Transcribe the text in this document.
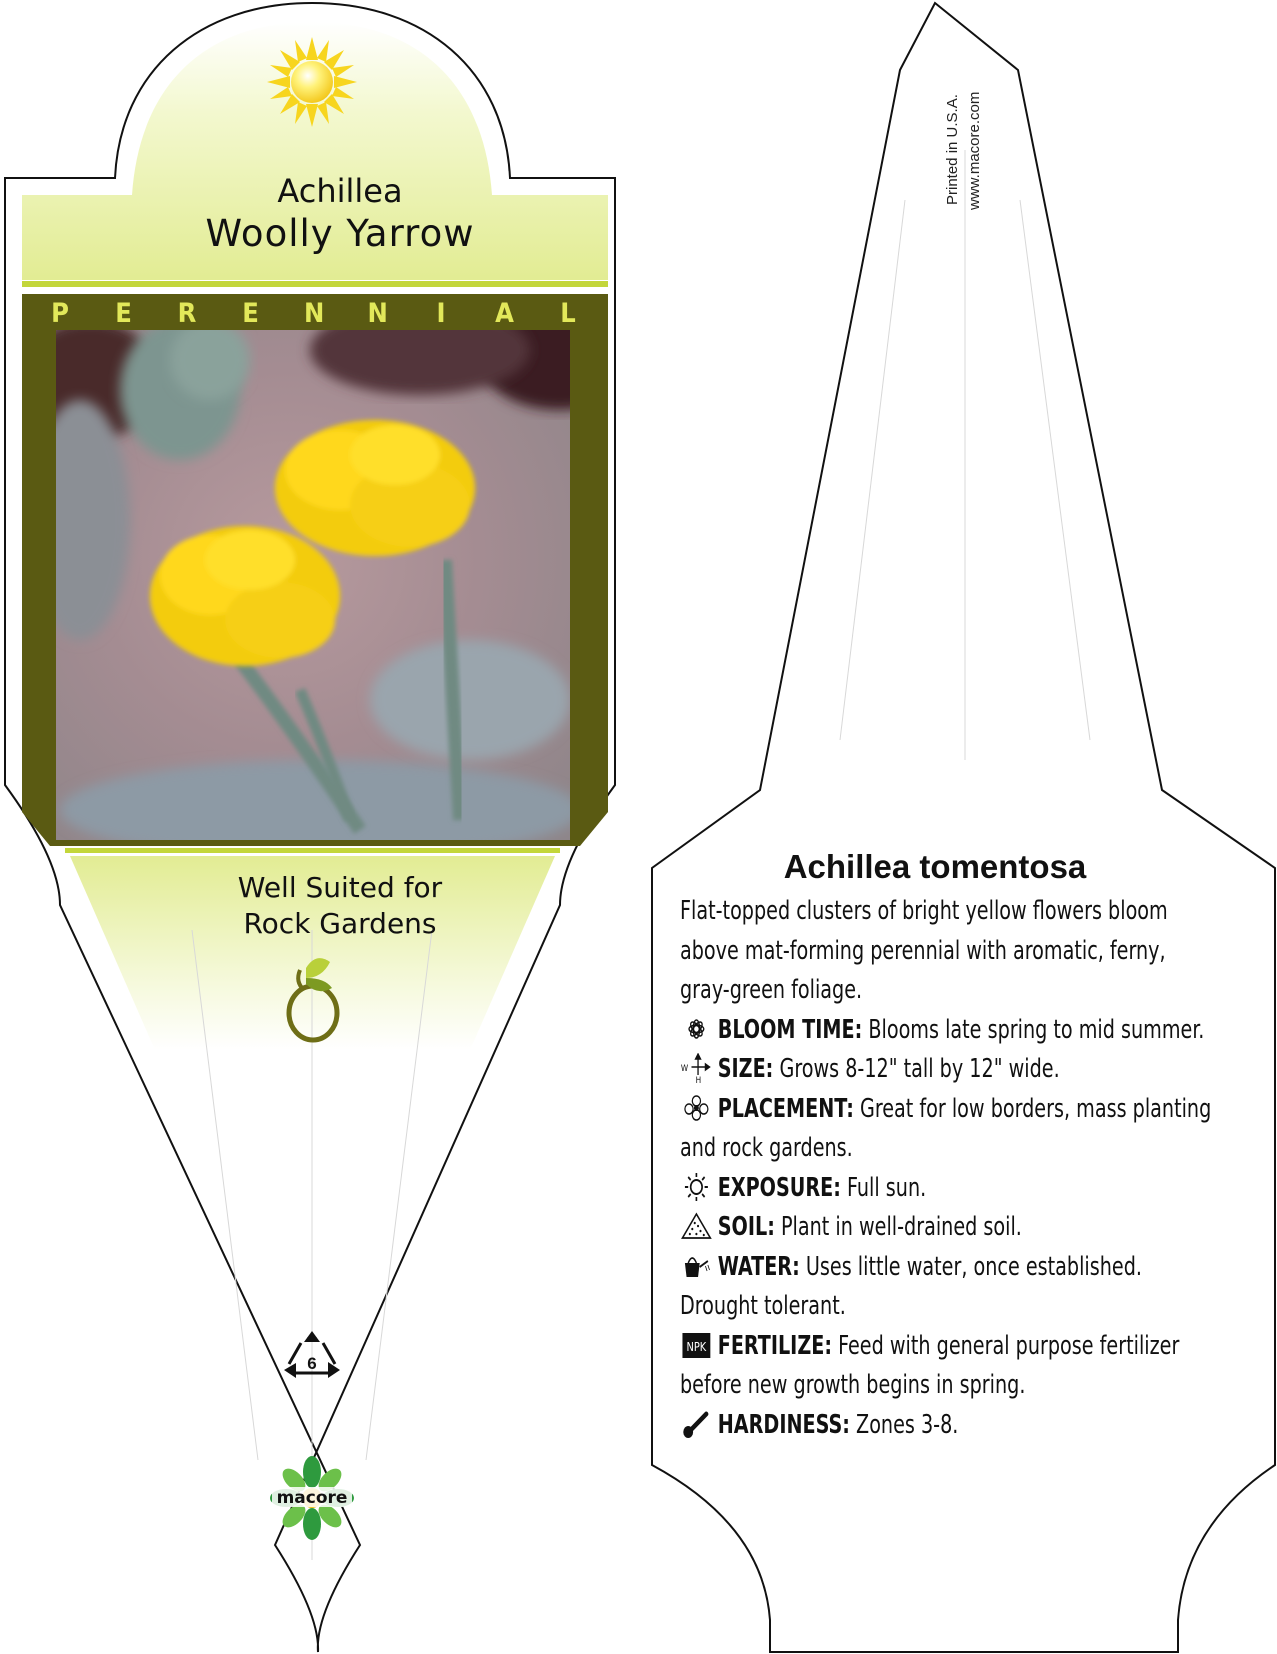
Achillea
Woolly Yarrow
P E R E N N I A L
Well Suited for
Rock Gardens
6
macore
Printed in U.S.A. www.macore.com
Achillea tomentosa
Flat-topped clusters of bright yellow flowers bloom
above mat-forming perennial with aromatic, ferny,
gray-green foliage.
BLOOM TIME: Blooms late spring to mid summer.
W
H SIZE: Grows 8-12" tall by 12" wide.
PLACEMENT: Great for low borders, mass planting
and rock gardens.
EXPOSURE: Full sun.
SOIL: Plant in well-drained soil.
WATER: Uses little water, once established.
Drought tolerant.
NPK FERTILIZE: Feed with general purpose fertilizer
before new growth begins in spring.
HARDINESS: Zones 3-8.
